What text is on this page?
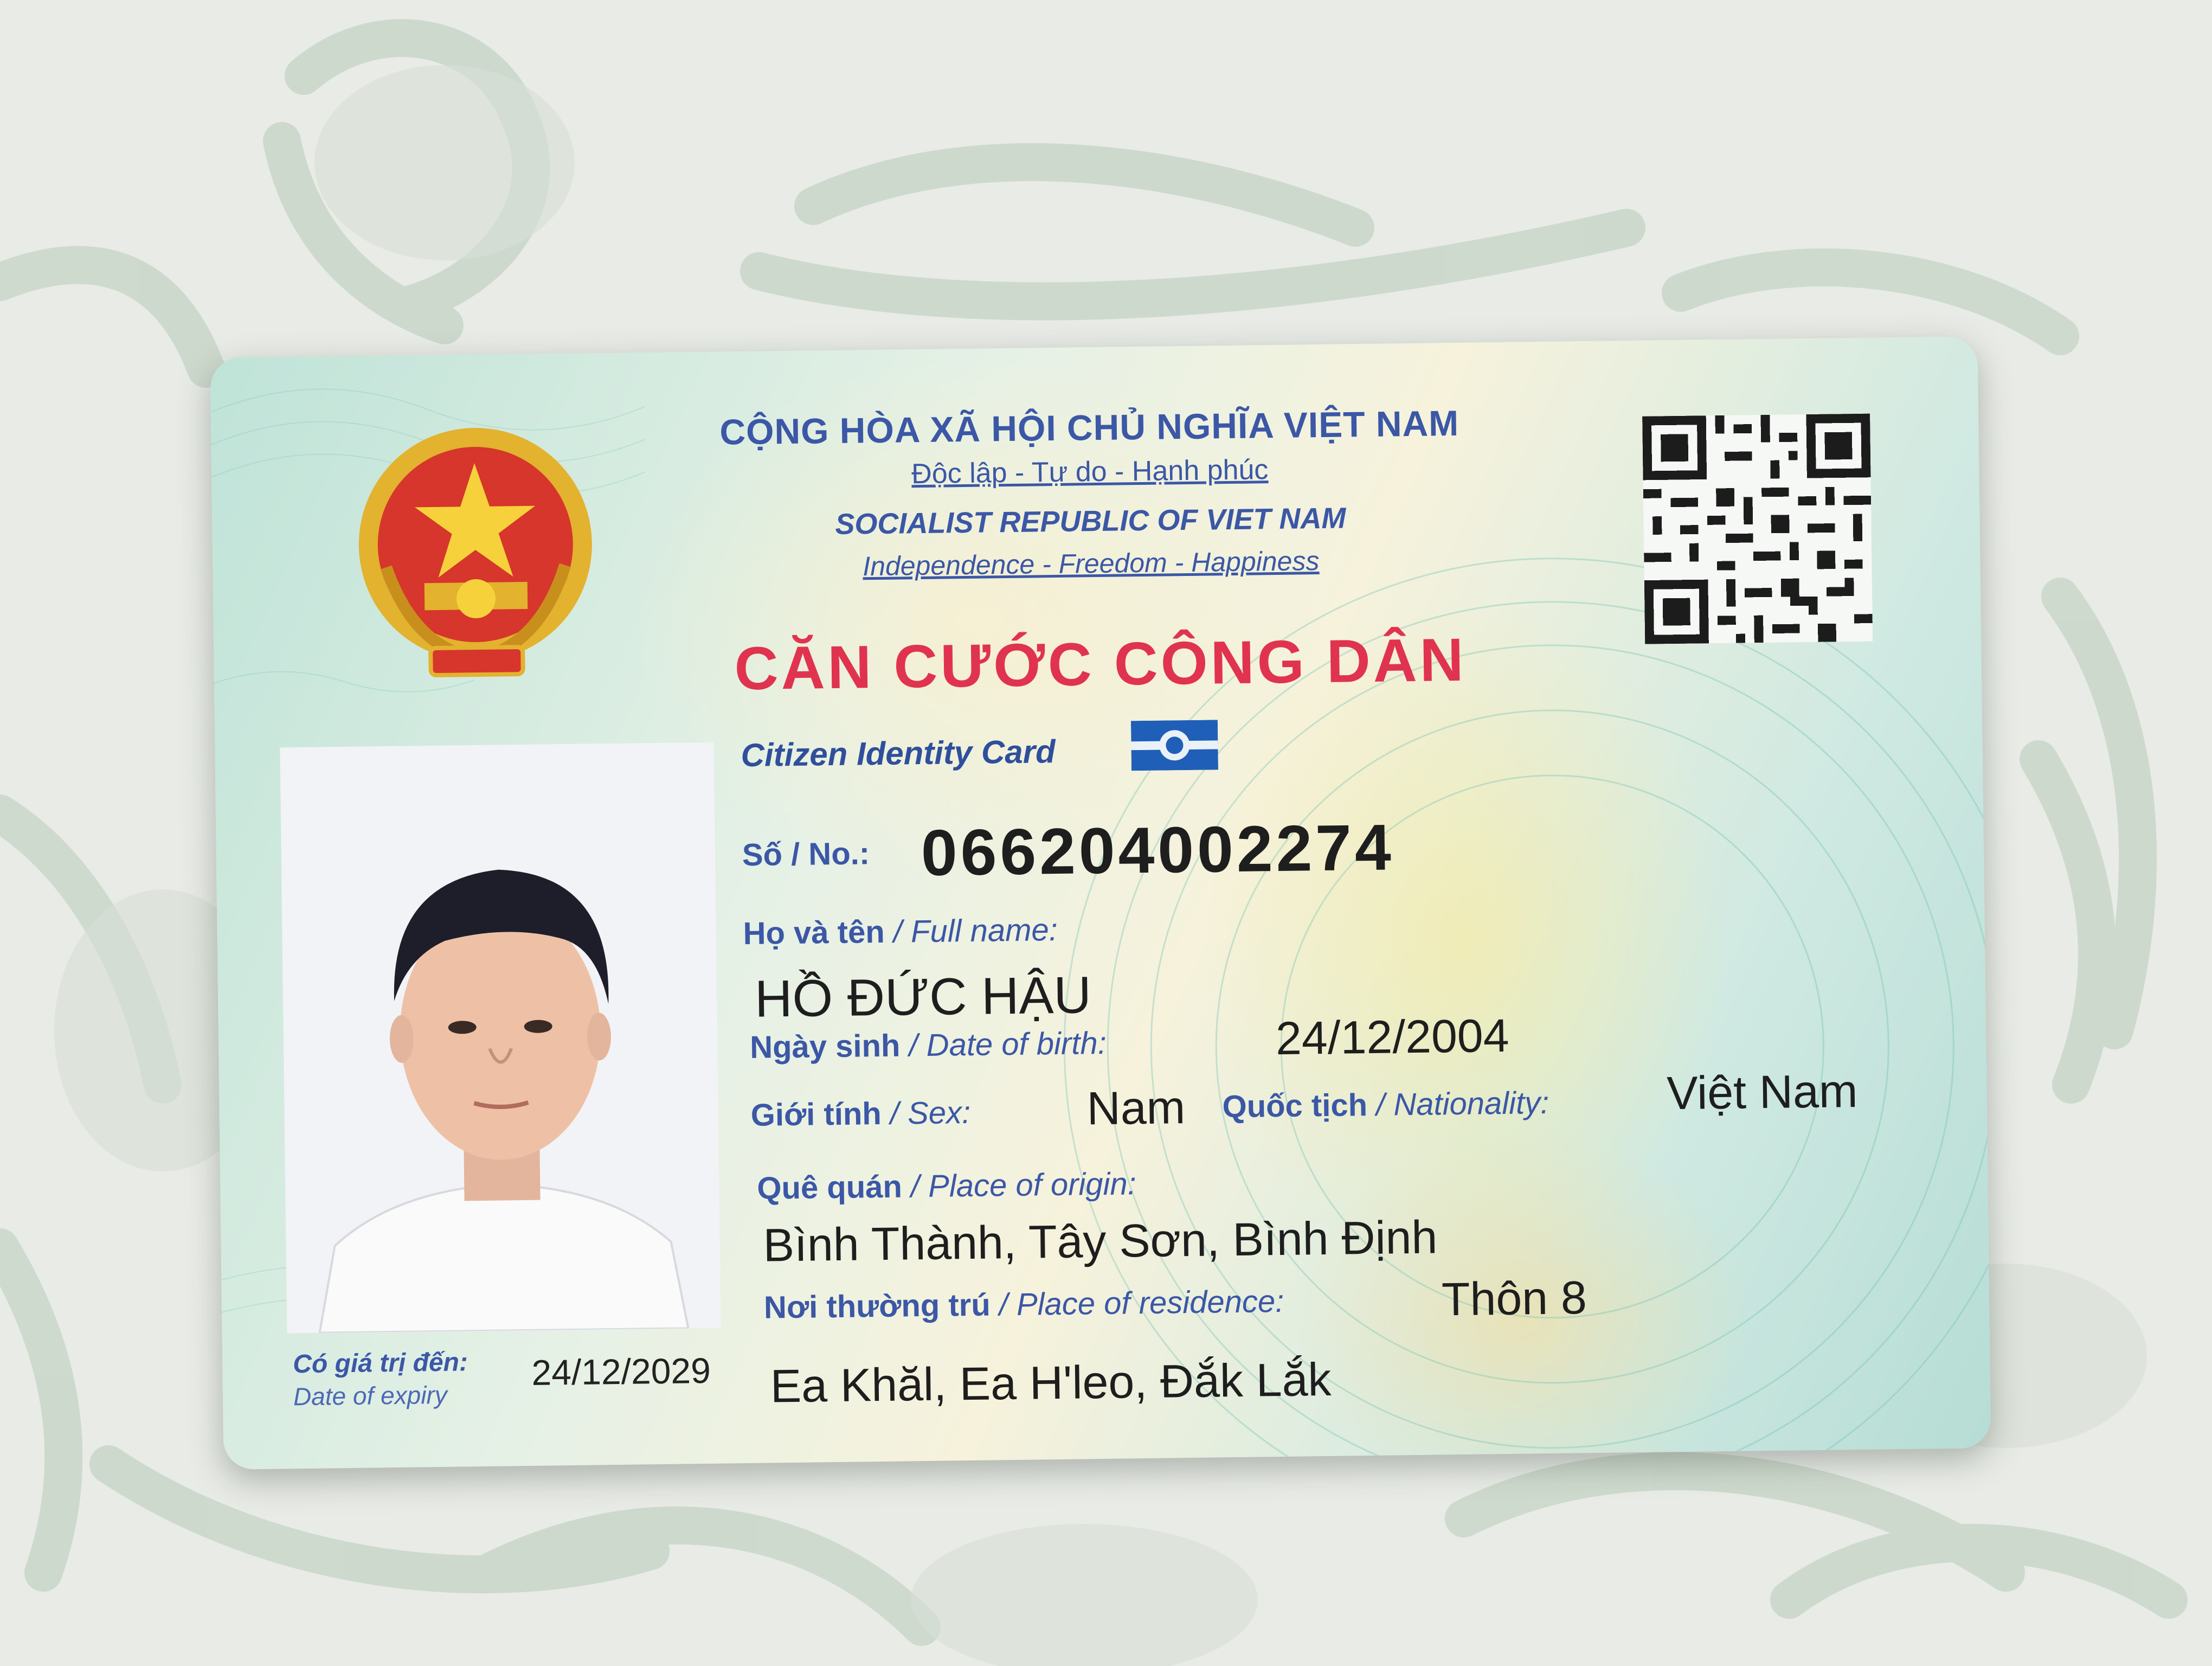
CỘNG HÒA XÃ HỘI CHỦ NGHĨA VIỆT NAM
Độc lập - Tự do - Hạnh phúc
SOCIALIST REPUBLIC OF VIET NAM
Independence - Freedom - Happiness
CĂN CƯỚC CÔNG DÂN
Citizen Identity Card
Số / No.: 066204002274
Họ và tên / Full name:
HỒ ĐỨC HẬU
Ngày sinh / Date of birth:	24/12/2004
Giới tính / Sex: Nam Quốc tịch / Nationality:	Việt Nam
Quê quán / Place of origin:
Bình Thành, Tây Sơn, Bình Định
Nơi thường trú / Place of residence:	Thôn 8
Ea Khăl, Ea H'leo, Đắk Lắk
Có giá trị đến:
Date of expiry
24/12/2029
